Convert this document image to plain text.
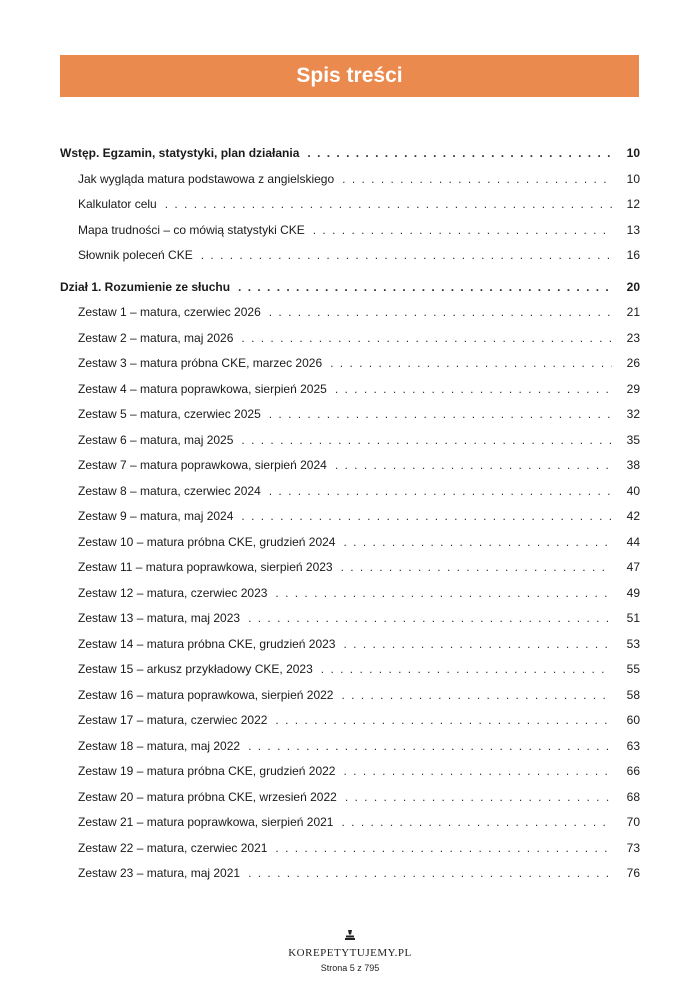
Spis treści
Wstęp. Egzamin, statystyki, plan działania . . .	10
Jak wygląda matura podstawowa z angielskiego . . .	10
Kalkulator celu . . .	12
Mapa trudności – co mówią statystyki CKE . . .	13
Słownik poleceń CKE . . .	16
Dział 1. Rozumienie ze słuchu . . .	20
Zestaw 1 – matura, czerwiec 2026 . . .	21
Zestaw 2 – matura, maj 2026 . . .	23
Zestaw 3 – matura próbna CKE, marzec 2026 . . .	26
Zestaw 4 – matura poprawkowa, sierpień 2025 . . .	29
Zestaw 5 – matura, czerwiec 2025 . . .	32
Zestaw 6 – matura, maj 2025 . . .	35
Zestaw 7 – matura poprawkowa, sierpień 2024 . . .	38
Zestaw 8 – matura, czerwiec 2024 . . .	40
Zestaw 9 – matura, maj 2024 . . .	42
Zestaw 10 – matura próbna CKE, grudzień 2024 . . .	44
Zestaw 11 – matura poprawkowa, sierpień 2023 . . .	47
Zestaw 12 – matura, czerwiec 2023 . . .	49
Zestaw 13 – matura, maj 2023 . . .	51
Zestaw 14 – matura próbna CKE, grudzień 2023 . . .	53
Zestaw 15 – arkusz przykładowy CKE, 2023 . . .	55
Zestaw 16 – matura poprawkowa, sierpień 2022 . . .	58
Zestaw 17 – matura, czerwiec 2022 . . .	60
Zestaw 18 – matura, maj 2022 . . .	63
Zestaw 19 – matura próbna CKE, grudzień 2022 . . .	66
Zestaw 20 – matura próbna CKE, wrzesień 2022 . . .	68
Zestaw 21 – matura poprawkowa, sierpień 2021 . . .	70
Zestaw 22 – matura, czerwiec 2021 . . .	73
Zestaw 23 – matura, maj 2021 . . .	76
KOREPETYTUJEMY.PL
Strona 5 z 795
